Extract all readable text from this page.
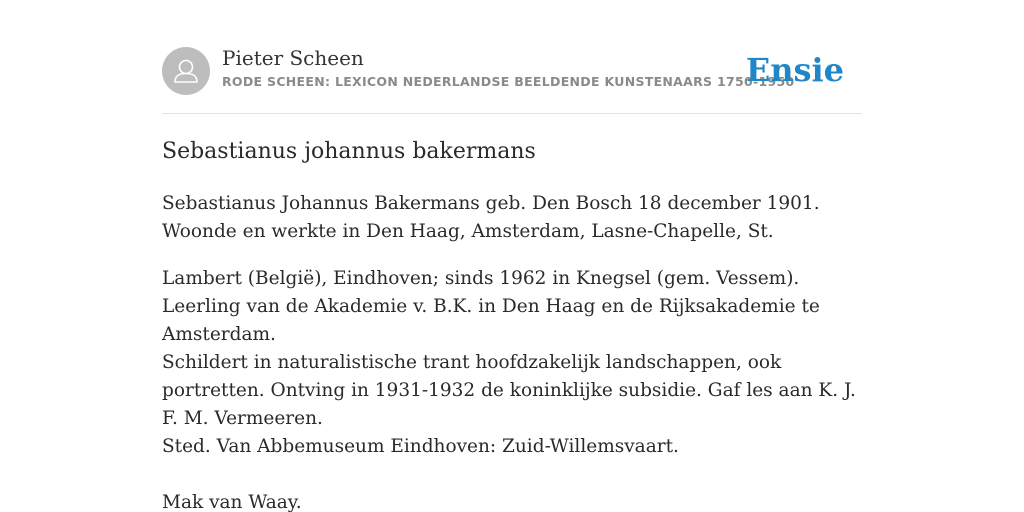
Pieter Scheen
RODE SCHEEN: LEXICON NEDERLANDSE BEELDENDE KUNSTENAARS 1750-1950
Ensie
Sebastianus johannus bakermans

Sebastianus Johannus Bakermans geb. Den Bosch 18 december 1901. Woonde en werkte in Den Haag, Amsterdam, Lasne-Chapelle, St.

Lambert (België), Eindhoven; sinds 1962 in Knegsel (gem. Vessem). Leerling van de Akademie v. B.K. in Den Haag en de Rijksakademie te Amsterdam.

Schildert in naturalistische trant hoofdzakelijk landschappen, ook portretten. Ontving in 1931-1932 de koninklijke subsidie. Gaf les aan K. J. F. M. Vermeeren.

Sted. Van Abbemuseum Eindhoven: Zuid-Willemsvaart.

Mak van Waay.
